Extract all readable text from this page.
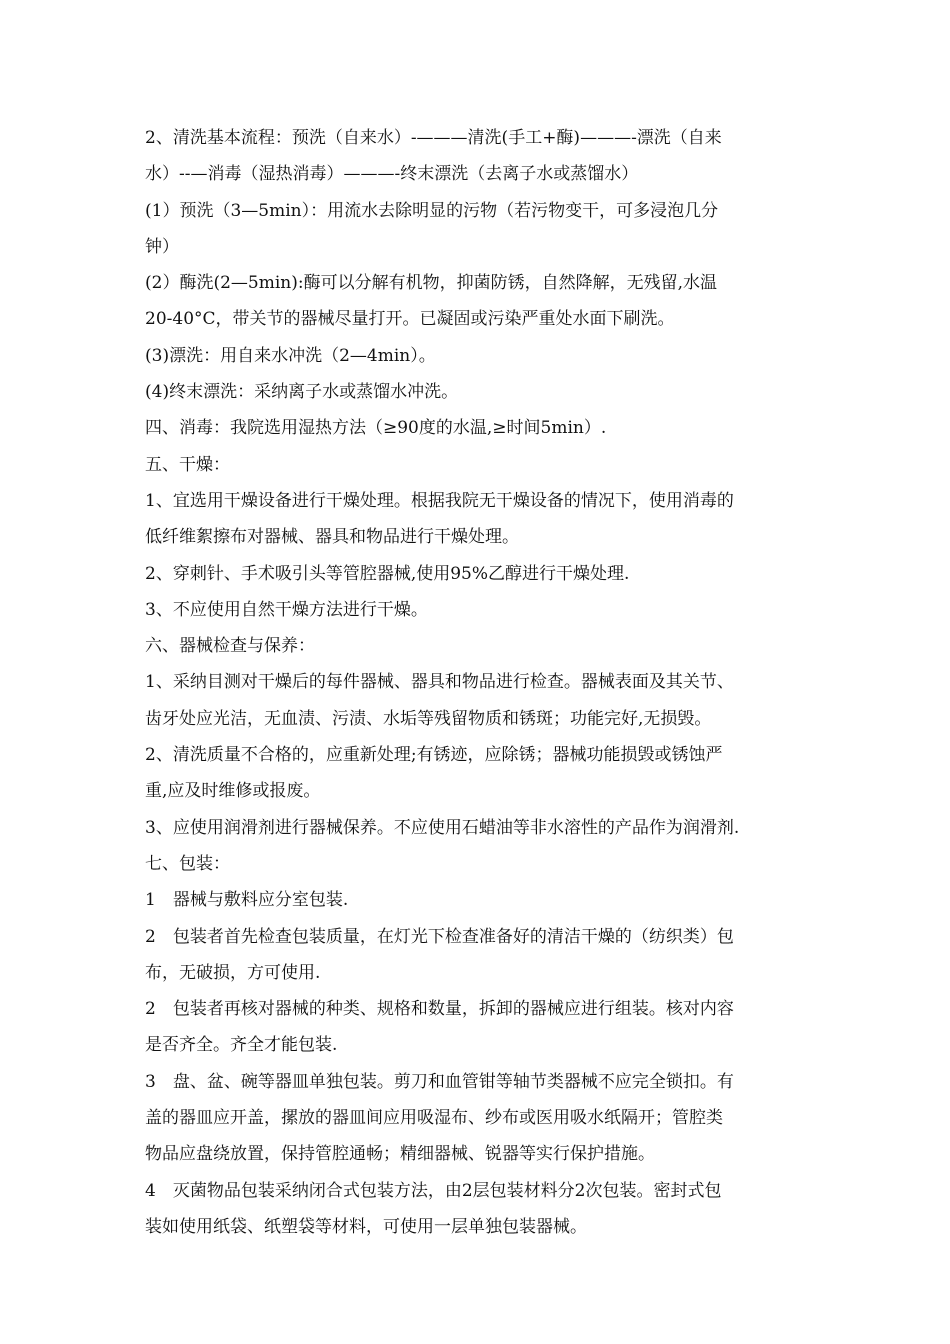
2、清洗基本流程：预洗（自来水）-———清洗(手工+酶)———-漂洗（自来
水）--—消毒（湿热消毒）———-终末漂洗（去离子水或蒸馏水）
(1）预洗（3—5min）：用流水去除明显的污物（若污物变干，可多浸泡几分
钟）
(2）酶洗(2—5min):酶可以分解有机物，抑菌防锈，自然降解，无残留,水温
20-40°C，带关节的器械尽量打开。已凝固或污染严重处水面下刷洗。
(3)漂洗：用自来水冲洗（2—4min）。
(4)终末漂洗：采纳离子水或蒸馏水冲洗。
四、消毒：我院选用湿热方法（≥90度的水温,≥时间5min）.
五、干燥：
1、宜选用干燥设备进行干燥处理。根据我院无干燥设备的情况下，使用消毒的
低纤维絮擦布对器械、器具和物品进行干燥处理。
2、穿刺针、手术吸引头等管腔器械,使用95%乙醇进行干燥处理.
3、不应使用自然干燥方法进行干燥。
六、器械检查与保养：
1、采纳目测对干燥后的每件器械、器具和物品进行检查。器械表面及其关节、
齿牙处应光洁，无血渍、污渍、水垢等残留物质和锈斑；功能完好,无损毁。
2、清洗质量不合格的，应重新处理;有锈迹，应除锈；器械功能损毁或锈蚀严
重,应及时维修或报废。
3、应使用润滑剂进行器械保养。不应使用石蜡油等非水溶性的产品作为润滑剂.
七、包装：
1　器械与敷料应分室包装.
2　包装者首先检查包装质量，在灯光下检查准备好的清洁干燥的（纺织类）包
布，无破损，方可使用.
2　包装者再核对器械的种类、规格和数量，拆卸的器械应进行组装。核对内容
是否齐全。齐全才能包装.
3　盘、盆、碗等器皿单独包装。剪刀和血管钳等轴节类器械不应完全锁扣。有
盖的器皿应开盖，摞放的器皿间应用吸湿布、纱布或医用吸水纸隔开；管腔类
物品应盘绕放置，保持管腔通畅；精细器械、锐器等实行保护措施。
4　灭菌物品包装采纳闭合式包装方法，由2层包装材料分2次包装。密封式包
装如使用纸袋、纸塑袋等材料，可使用一层单独包装器械。
